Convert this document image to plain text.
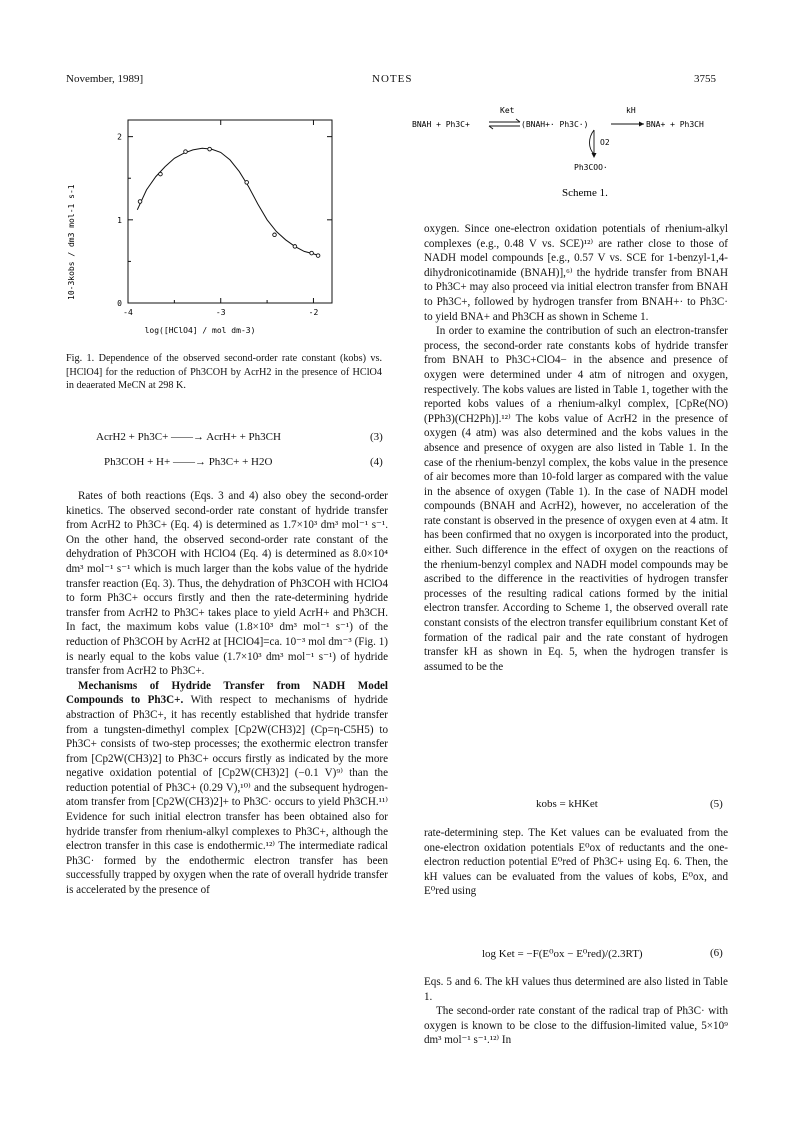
November, 1989]	NOTES	3755
-4	-3	-2
0
1
2
10-3kobs / dm3 mol-1 s-1
log([HClO4] / mol dm-3)
Fig. 1. Dependence of the observed second-order rate constant (kobs) vs. [HClO4] for the reduction of Ph3COH by AcrH2 in the presence of HClO4 in deaerated MeCN at 298 K.
AcrH2 + Ph3C+ ——→ AcrH+ + Ph3CH	(3)
Ph3COH + H+ ——→ Ph3C+ + H2O	(4)

Rates of both reactions (Eqs. 3 and 4) also obey the second-order kinetics. The observed second-order rate constant of hydride transfer from AcrH2 to Ph3C+ (Eq. 4) is determined as 1.7×10³ dm³ mol⁻¹ s⁻¹. On the other hand, the observed second-order rate constant of the dehydration of Ph3COH with HClO4 (Eq. 4) is determined as 8.0×10⁴ dm³ mol⁻¹ s⁻¹ which is much larger than the kobs value of the hydride transfer reaction (Eq. 3). Thus, the dehydration of Ph3COH with HClO4 to form Ph3C+ occurs firstly and then the rate-determining hydride transfer from AcrH2 to Ph3C+ takes place to yield AcrH+ and Ph3CH. In fact, the maximum kobs value (1.8×10³ dm³ mol⁻¹ s⁻¹) of the reduction of Ph3COH by AcrH2 at [HClO4]=ca. 10⁻³ mol dm⁻³ (Fig. 1) is nearly equal to the kobs value (1.7×10³ dm³ mol⁻¹ s⁻¹) of hydride transfer from AcrH2 to Ph3C+.

Mechanisms of Hydride Transfer from NADH Model Compounds to Ph3C+. With respect to mechanisms of hydride abstraction of Ph3C+, it has recently established that hydride transfer from a tungsten-dimethyl complex [Cp2W(CH3)2] (Cp=η-C5H5) to Ph3C+ consists of two-step processes; the exothermic electron transfer from [Cp2W(CH3)2] to Ph3C+ occurs firstly as indicated by the more negative oxidation potential of [Cp2W(CH3)2] (−0.1 V)⁹⁾ than the reduction potential of Ph3C+ (0.29 V),¹⁰⁾ and the subsequent hydrogen-atom transfer from [Cp2W(CH3)2]+ to Ph3C· occurs to yield Ph3CH.¹¹⁾ Evidence for such initial electron transfer has been obtained also for hydride transfer from rhenium-alkyl complexes to Ph3C+, although the electron transfer in this case is endothermic.¹²⁾ The intermediate radical Ph3C· formed by the endothermic electron transfer has been successfully trapped by oxygen when the rate of overall hydride transfer is accelerated by the presence of

Ket	kH
BNAH + Ph3C+	(BNAH+· Ph3C·)	BNA+ + Ph3CH
O2
Ph3COO·
Scheme 1.

oxygen. Since one-electron oxidation potentials of rhenium-alkyl complexes (e.g., 0.48 V vs. SCE)¹²⁾ are rather close to those of NADH model compounds [e.g., 0.57 V vs. SCE for 1-benzyl-1,4-dihydronicotinamide (BNAH)],⁶⁾ the hydride transfer from BNAH to Ph3C+ may also proceed via initial electron transfer from BNAH to Ph3C+, followed by hydrogen transfer from BNAH+· to Ph3C· to yield BNA+ and Ph3CH as shown in Scheme 1.

In order to examine the contribution of such an electron-transfer process, the second-order rate constants kobs of hydride transfer from BNAH to Ph3C+ClO4− in the absence and presence of oxygen were determined under 4 atm of nitrogen and oxygen, respectively. The kobs values are listed in Table 1, together with the reported kobs values of a rhenium-alkyl complex, [CpRe(NO)(PPh3)(CH2Ph)].¹²⁾ The kobs value of AcrH2 in the presence of oxygen (4 atm) was also determined and the kobs values in the absence and presence of oxygen are also listed in Table 1. In the case of the rhenium-benzyl complex, the kobs value in the presence of air becomes more than 10-fold larger as compared with the value in the absence of oxygen (Table 1). In the case of NADH model compounds (BNAH and AcrH2), however, no acceleration of the rate constant is observed in the presence of oxygen even at 4 atm. It has been confirmed that no oxygen is incorporated into the product, either. Such difference in the effect of oxygen on the reactions of the rhenium-benzyl complex and NADH model compounds may be ascribed to the difference in the reactivities of hydrogen transfer processes of the resulting radical cations formed by the initial electron transfer. According to Scheme 1, the observed overall rate constant consists of the electron transfer equilibrium constant Ket of formation of the radical pair and the rate constant of hydrogen transfer kH as shown in Eq. 5, when the hydrogen transfer is assumed to be the

kobs = kHKet	(5)

rate-determining step. The Ket values can be evaluated from the one-electron oxidation potentials E⁰ox of reductants and the one-electron reduction potential E⁰red of Ph3C+ using Eq. 6. Then, the kH values can be evaluated from the values of kobs, E⁰ox, and E⁰red using

log Ket = −F(E⁰ox − E⁰red)/(2.3RT)	(6)

Eqs. 5 and 6. The kH values thus determined are also listed in Table 1.

The second-order rate constant of the radical trap of Ph3C· with oxygen is known to be close to the diffusion-limited value, 5×10⁹ dm³ mol⁻¹ s⁻¹.¹²⁾ In
